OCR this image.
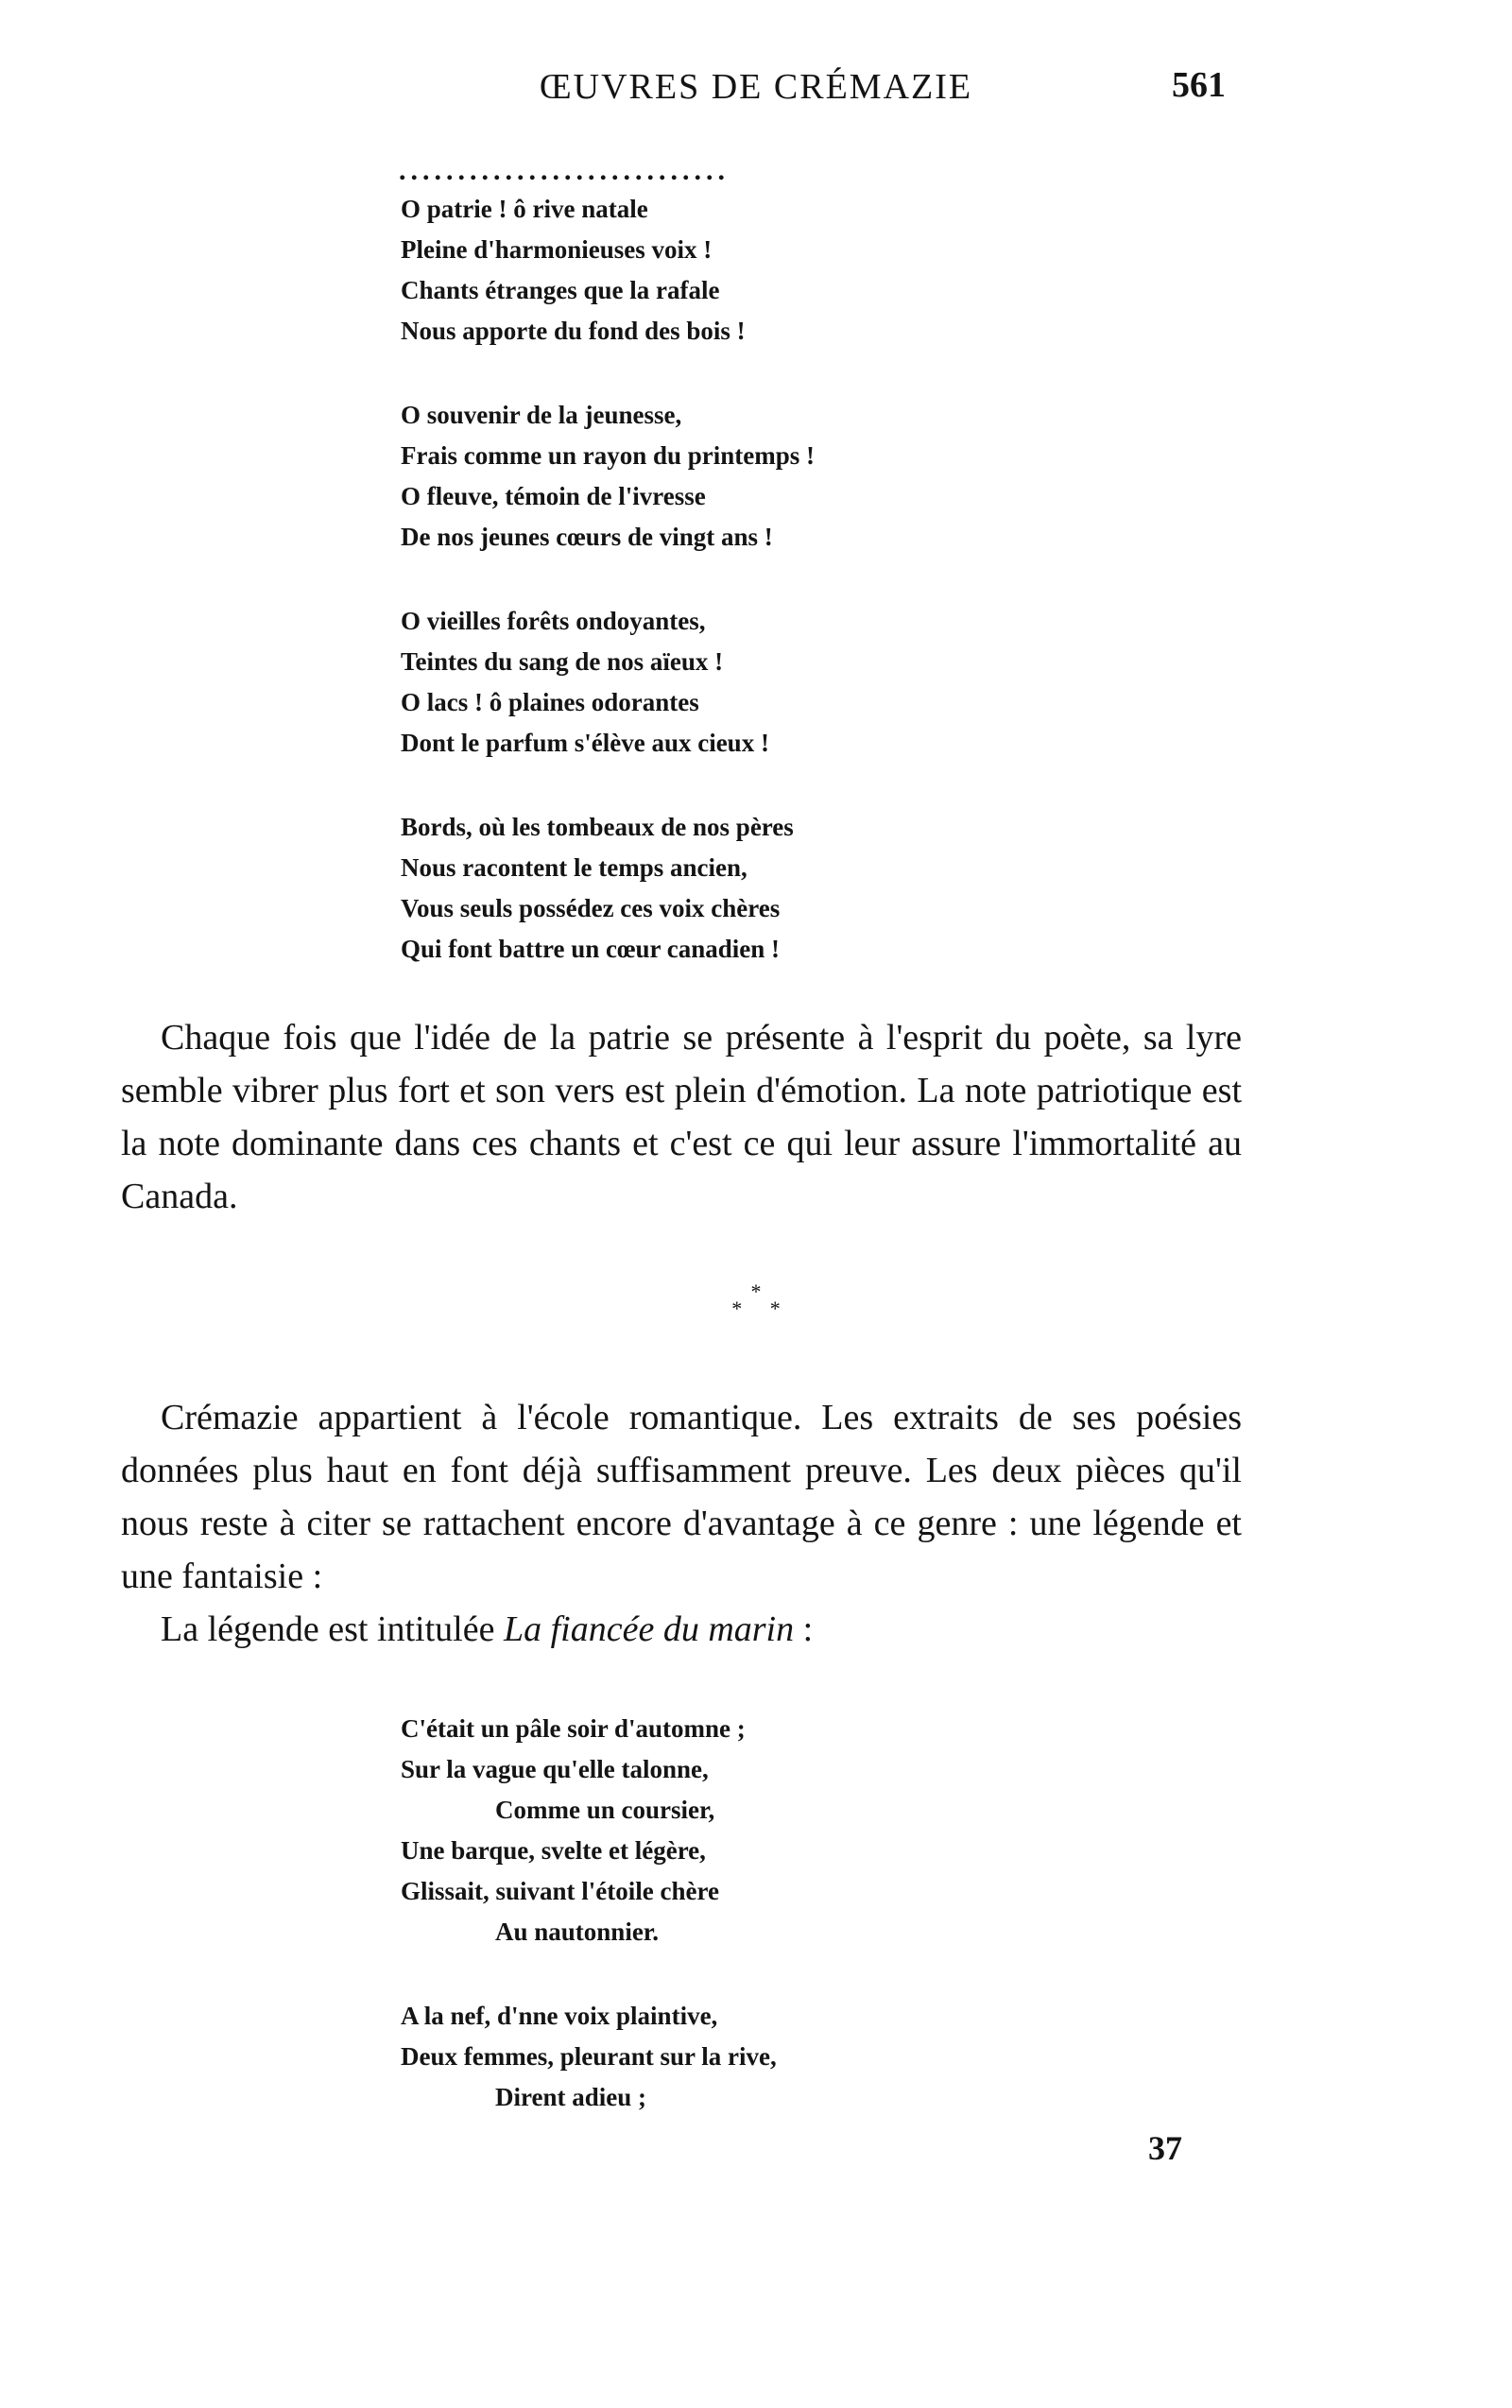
ŒUVRES DE CRÉMAZIE	561
............................
O patrie ! ô rive natale
Pleine d'harmonieuses voix !
Chants étranges que la rafale
Nous apporte du fond des bois !
O souvenir de la jeunesse,
Frais comme un rayon du printemps !
O fleuve, témoin de l'ivresse
De nos jeunes cœurs de vingt ans !
O vieilles forêts ondoyantes,
Teintes du sang de nos aïeux !
O lacs ! ô plaines odorantes
Dont le parfum s'élève aux cieux !
Bords, où les tombeaux de nos pères
Nous racontent le temps ancien,
Vous seuls possédez ces voix chères
Qui font battre un cœur canadien !

Chaque fois que l'idée de la patrie se présente à l'esprit du poète, sa lyre semble vibrer plus fort et son vers est plein d'émotion. La note patriotique est la note dominante dans ces chants et c'est ce qui leur assure l'immortalité au Canada.

*
* *

Crémazie appartient à l'école romantique. Les extraits de ses poésies données plus haut en font déjà suffisamment preuve. Les deux pièces qu'il nous reste à citer se rattachent encore d'avantage à ce genre : une légende et une fantaisie :

La légende est intitulée La fiancée du marin :

C'était un pâle soir d'automne ;
Sur la vague qu'elle talonne,
Comme un coursier,
Une barque, svelte et légère,
Glissait, suivant l'étoile chère
Au nautonnier.
A la nef, d'nne voix plaintive,
Deux femmes, pleurant sur la rive,
Dirent adieu ;
37
